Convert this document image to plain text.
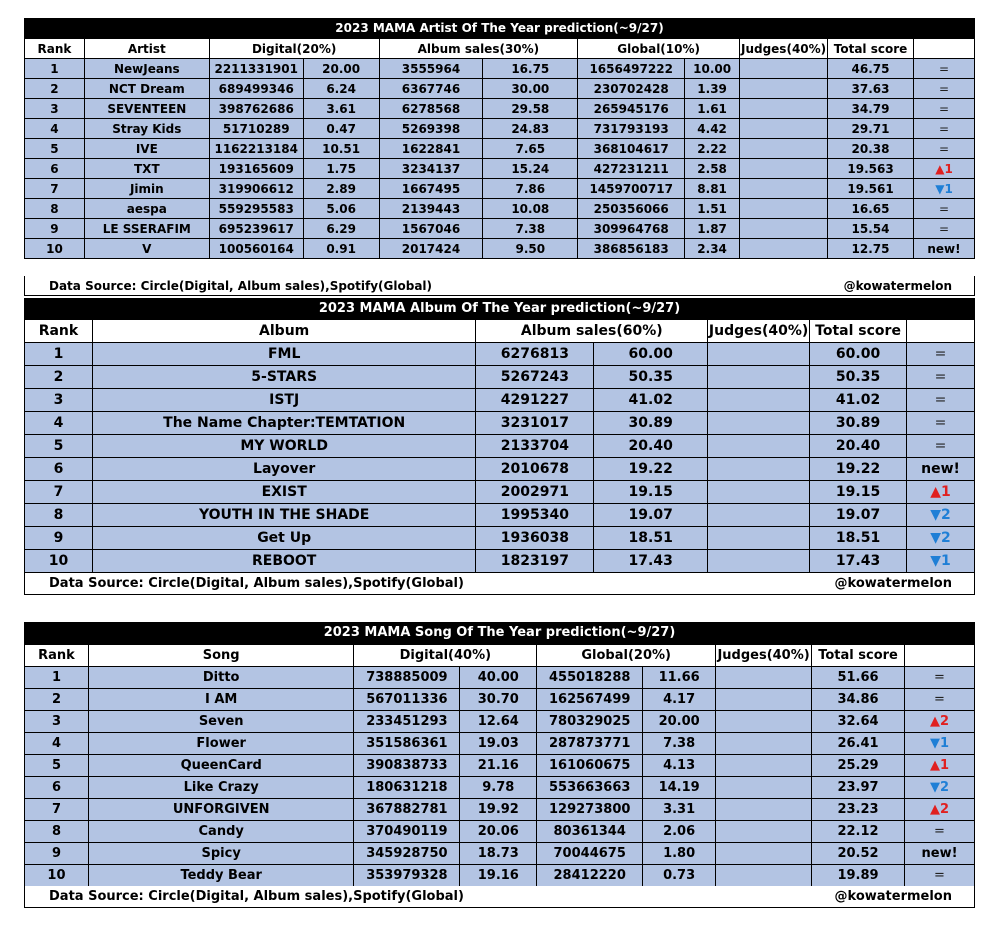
2023 MAMA Artist Of The Year prediction(~9/27)
Rank	Artist	Digital(20%)		Album sales(30%)		Global(10%)		Judges(40%)	Total score	
1	NewJeans	2211331901	20.00	3555964	16.75	1656497222	10.00		46.75	=
2	NCT Dream	689499346	6.24	6367746	30.00	230702428	1.39		37.63	=
3	SEVENTEEN	398762686	3.61	6278568	29.58	265945176	1.61		34.79	=
4	Stray Kids	51710289	0.47	5269398	24.83	731793193	4.42		29.71	=
5	IVE	1162213184	10.51	1622841	7.65	368104617	2.22		20.38	=
6	TXT	193165609	1.75	3234137	15.24	427231211	2.58		19.563	▲1
7	Jimin	319906612	2.89	1667495	7.86	1459700717	8.81		19.561	▼1
8	aespa	559295583	5.06	2139443	10.08	250356066	1.51		16.65	=
9	LE SSERAFIM	695239617	6.29	1567046	7.38	309964768	1.87		15.54	=
10	V	100560164	0.91	2017424	9.50	386856183	2.34		12.75	new!
Data Source: Circle(Digital, Album sales),Spotify(Global)	@kowatermelon
2023 MAMA Album Of The Year prediction(~9/27)
Rank	Album	Album sales(60%)		Judges(40%)	Total score	
1	FML	6276813	60.00		60.00	=
2	5-STARS	5267243	50.35		50.35	=
3	ISTJ	4291227	41.02		41.02	=
4	The Name Chapter:TEMTATION	3231017	30.89		30.89	=
5	MY WORLD	2133704	20.40		20.40	=
6	Layover	2010678	19.22		19.22	new!
7	EXIST	2002971	19.15		19.15	▲1
8	YOUTH IN THE SHADE	1995340	19.07		19.07	▼2
9	Get Up	1936038	18.51		18.51	▼2
10	REBOOT	1823197	17.43		17.43	▼1
Data Source: Circle(Digital, Album sales),Spotify(Global)	@kowatermelon
2023 MAMA Song Of The Year prediction(~9/27)
Rank	Song	Digital(40%)		Global(20%)		Judges(40%)	Total score	
1	Ditto	738885009	40.00	455018288	11.66		51.66	=
2	I AM	567011336	30.70	162567499	4.17		34.86	=
3	Seven	233451293	12.64	780329025	20.00		32.64	▲2
4	Flower	351586361	19.03	287873771	7.38		26.41	▼1
5	QueenCard	390838733	21.16	161060675	4.13		25.29	▲1
6	Like Crazy	180631218	9.78	553663663	14.19		23.97	▼2
7	UNFORGIVEN	367882781	19.92	129273800	3.31		23.23	▲2
8	Candy	370490119	20.06	80361344	2.06		22.12	=
9	Spicy	345928750	18.73	70044675	1.80		20.52	new!
10	Teddy Bear	353979328	19.16	28412220	0.73		19.89	=
Data Source: Circle(Digital, Album sales),Spotify(Global)	@kowatermelon
